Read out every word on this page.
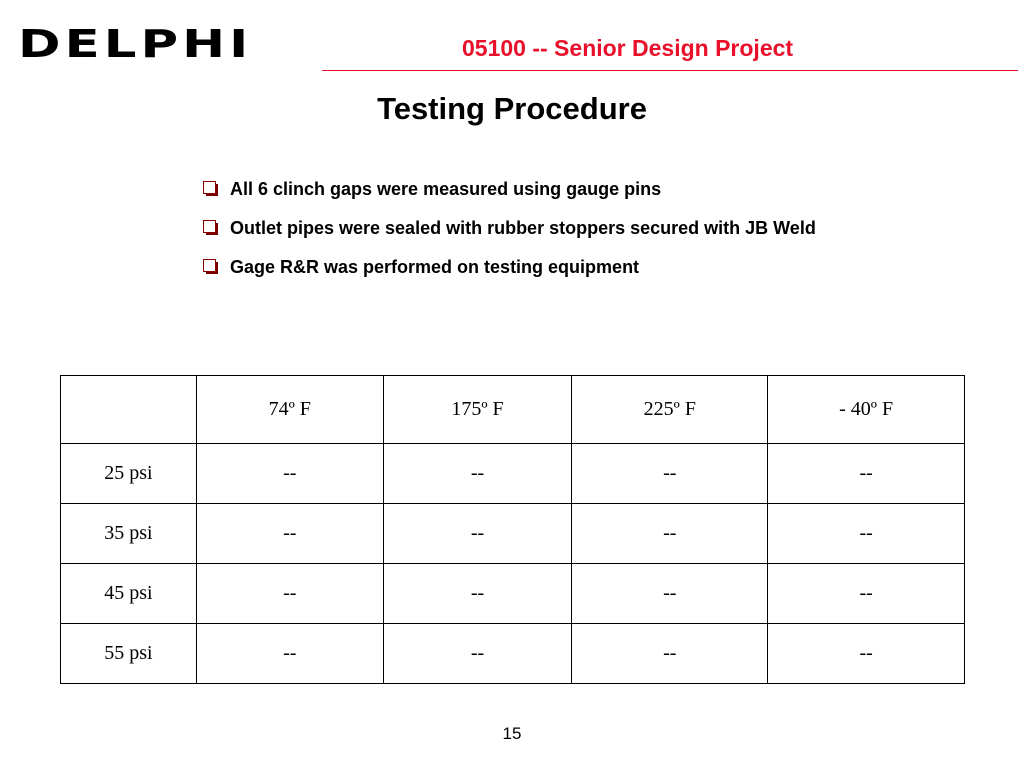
DELPHI	05100 -- Senior Design Project
Testing Procedure
All 6 clinch gaps were measured using gauge pins
Outlet pipes were sealed with rubber stoppers secured with JB Weld
Gage R&R was performed on testing equipment
	74º F	175º F	225º F	- 40º F
25 psi	--	--	--	--
35 psi	--	--	--	--
45 psi	--	--	--	--
55 psi	--	--	--	--
15
